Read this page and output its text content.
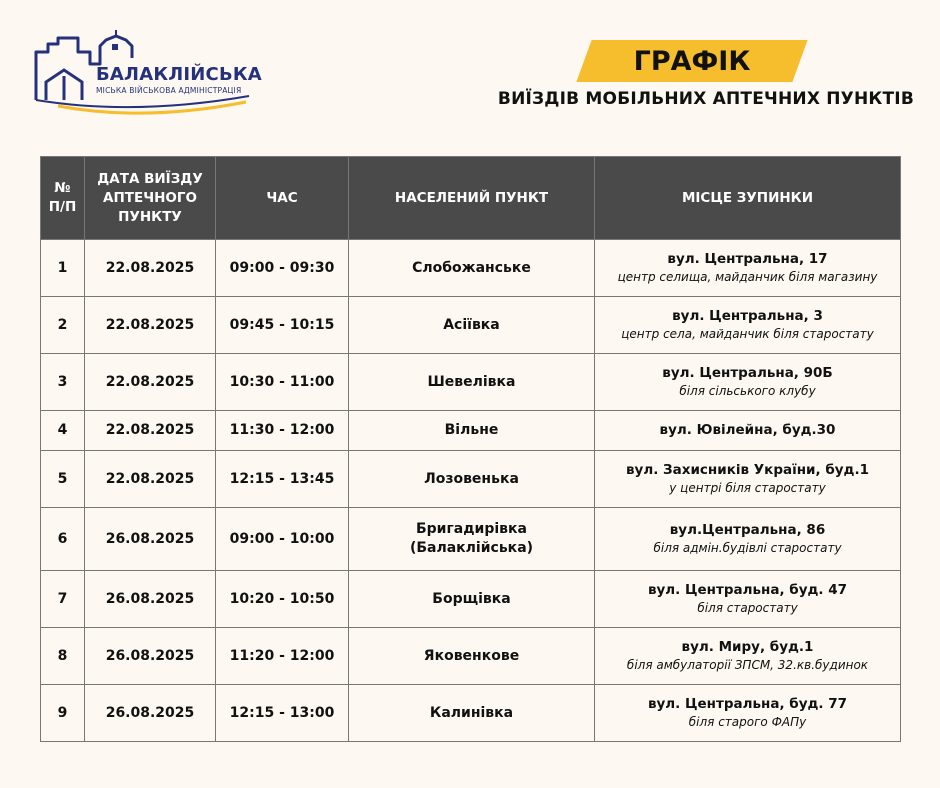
БАЛАКЛІЙСЬКА
МІСЬКА ВІЙСЬКОВА АДМІНІСТРАЦІЯ
ГРАФІК
ВИЇЗДІВ МОБІЛЬНИХ АПТЕЧНИХ ПУНКТІВ
№ П/П	ДАТА ВИЇЗДУ АПТЕЧНОГО ПУНКТУ	ЧАС	НАСЕЛЕНИЙ ПУНКТ	МІСЦЕ ЗУПИНКИ
1	22.08.2025	09:00 - 09:30	Слобожанське	вул. Центральна, 17
центр селища, майданчик біля магазину

2	22.08.2025	09:45 - 10:15	Асіївка	вул. Центральна, 3
центр села, майданчик біля старостату

3	22.08.2025	10:30 - 11:00	Шевелівка	вул. Центральна, 90Б
біля сільського клубу

4	22.08.2025	11:30 - 12:00	Вільне	вул. Ювілейна, буд.30

5	22.08.2025	12:15 - 13:45	Лозовенька	вул. Захисників України, буд.1
у центрі біля старостату

6	26.08.2025	09:00 - 10:00	Бригадирівка (Балаклійська)	вул.Центральна, 86
біля адмін.будівлі старостату

7	26.08.2025	10:20 - 10:50	Борщівка	вул. Центральна, буд. 47
біля старостату

8	26.08.2025	11:20 - 12:00	Яковенкове	вул. Миру, буд.1
біля амбулаторії ЗПСМ, 32.кв.будинок

9	26.08.2025	12:15 - 13:00	Калинівка	вул. Центральна, буд. 77
біля старого ФАПу
